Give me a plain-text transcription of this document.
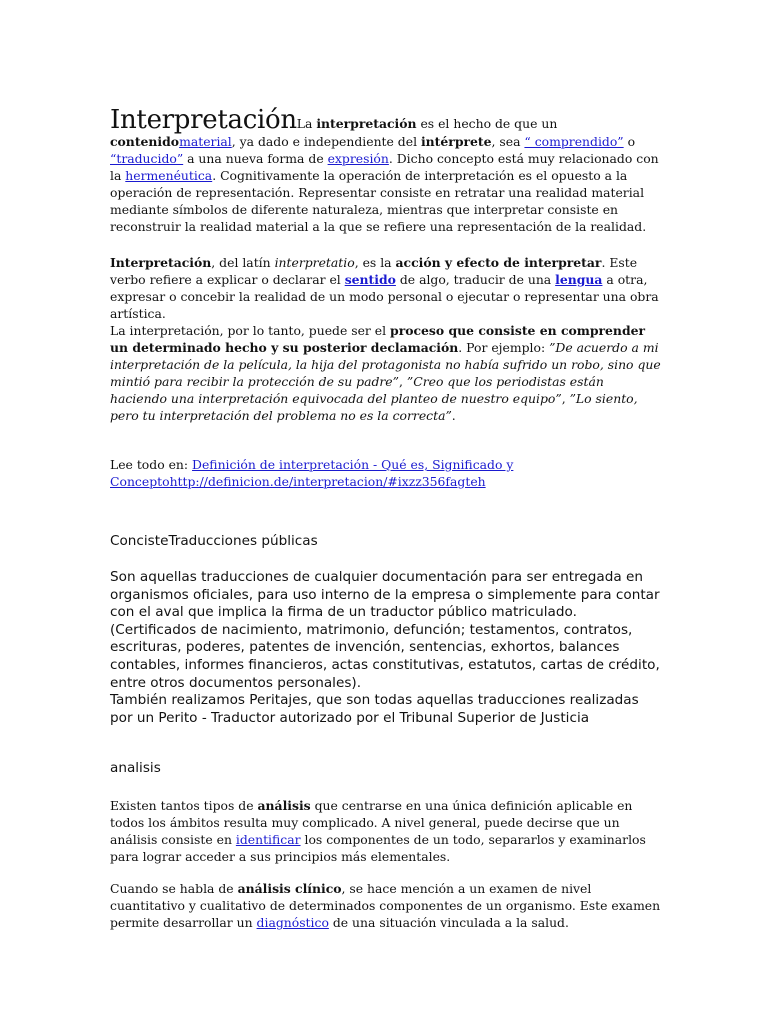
InterpretaciónLa interpretación es el hecho de que un contenidomaterial, ya dado e independiente del intérprete, sea “ comprendido” o “traducido” a una nueva forma de expresión. Dicho concepto está muy relacionado con la hermenéutica. Cognitivamente la operación de interpretación es el opuesto a la operación de representación. Representar consiste en retratar una realidad material mediante símbolos de diferente naturaleza, mientras que interpretar consiste en reconstruir la realidad material a la que se refiere una representación de la realidad.

Interpretación, del latín interpretatio, es la acción y efecto de interpretar. Este verbo refiere a explicar o declarar el sentido de algo, traducir de una lengua a otra, expresar o concebir la realidad de un modo personal o ejecutar o representar una obra artística.

La interpretación, por lo tanto, puede ser el proceso que consiste en comprender un determinado hecho y su posterior declamación. Por ejemplo: ”De acuerdo a mi interpretación de la película, la hija del protagonista no había sufrido un robo, sino que mintió para recibir la protección de su padre”, ”Creo que los periodistas están haciendo una interpretación equivocada del planteo de nuestro equipo”, ”Lo siento, pero tu interpretación del problema no es la correcta”.

Lee todo en: Definición de interpretación - Qué es, Significado y Conceptohttp://definicion.de/interpretacion/#ixzz356fagteh

ConcisteTraducciones públicas

Son aquellas traducciones de cualquier documentación para ser entregada en organismos oficiales, para uso interno de la empresa o simplemente para contar con el aval que implica la firma de un traductor público matriculado. (Certificados de nacimiento, matrimonio, defunción; testamentos, contratos, escrituras, poderes, patentes de invención, sentencias, exhortos, balances contables, informes financieros, actas constitutivas, estatutos, cartas de crédito, entre otros documentos personales).

También realizamos Peritajes, que son todas aquellas traducciones realizadas por un Perito - Traductor autorizado por el Tribunal Superior de Justicia

analisis

Existen tantos tipos de análisis que centrarse en una única definición aplicable en todos los ámbitos resulta muy complicado. A nivel general, puede decirse que un análisis consiste en identificar los componentes de un todo, separarlos y examinarlos para lograr acceder a sus principios más elementales.

Cuando se habla de análisis clínico, se hace mención a un examen de nivel cuantitativo y cualitativo de determinados componentes de un organismo. Este examen permite desarrollar un diagnóstico de una situación vinculada a la salud.
